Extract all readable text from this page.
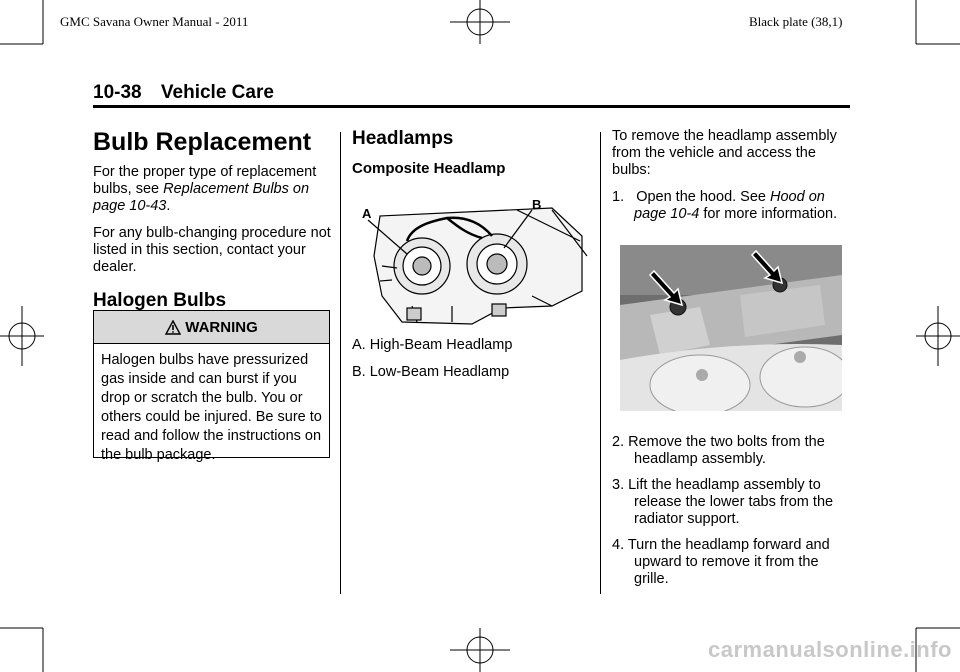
GMC Savana Owner Manual - 2011	Black plate (38,1)
10-38 Vehicle Care
Bulb Replacement

For the proper type of replacement bulbs, see Replacement Bulbs on page 10-43.

For any bulb-changing procedure not listed in this section, contact your dealer.

Halogen Bulbs
WARNING
Halogen bulbs have pressurized gas inside and can burst if you drop or scratch the bulb. You or others could be injured. Be sure to read and follow the instructions on the bulb package.
Headlamps
Composite Headlamp
A
B

A. High-Beam Headlamp

B. Low-Beam Headlamp

To remove the headlamp assembly from the vehicle and access the bulbs:

1. Open the hood. See Hood on page 10-4 for more information.
2. Remove the two bolts from the headlamp assembly.
3. Lift the headlamp assembly to release the lower tabs from the radiator support.
4. Turn the headlamp forward and upward to remove it from the grille.
carmanualsonline.info
